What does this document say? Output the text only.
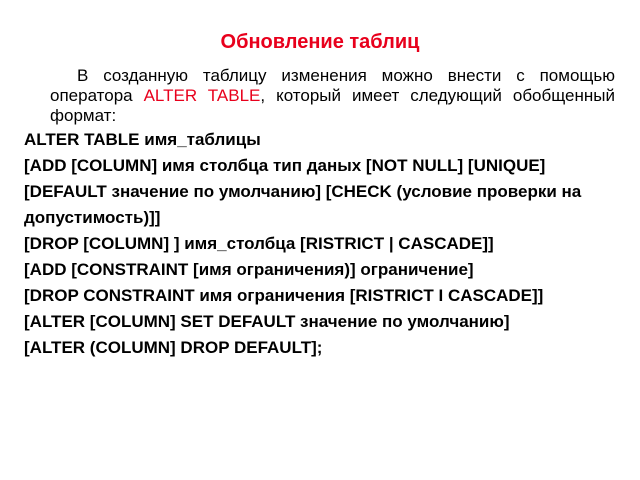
Обновление таблиц
В созданную таблицу изменения можно внести с помощью оператора ALTER TABLE, который имеет следующий обобщенный формат:
ALTER TABLE имя_таблицы
[ADD [COLUMN] имя столбца тип даных [NOT NULL] [UNIQUE]
[DEFAULT значение по умолчанию] [CHECK (условие проверки на
допустимость)]]
[DROP [COLUMN] ] имя_столбца [RISTRICT | CASCADE]]
[ADD [CONSTRAINT [имя ограничения)] ограничение]
[DROP CONSTRAINT имя ограничения [RISTRICT I CASCADE]]
[ALTER [COLUMN] SET DEFAULT значение по умолчанию]
[ALTER (COLUMN] DROP DEFAULT];
